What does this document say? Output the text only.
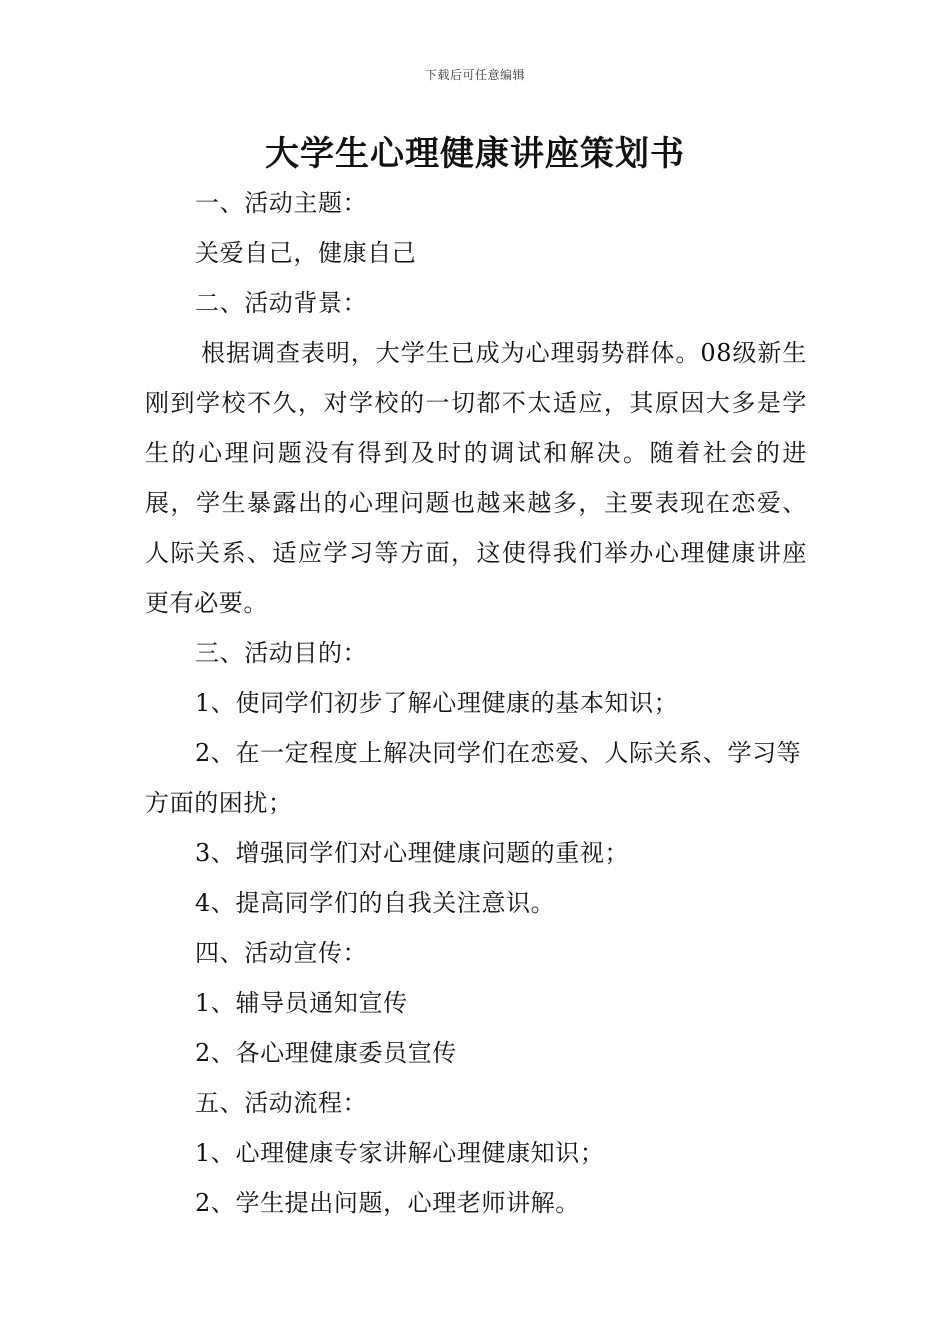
下载后可任意编辑
大学生心理健康讲座策划书

一、活动主题：

关爱自己，健康自己

二、活动背景：

根据调查表明，大学生已成为心理弱势群体。08级新生刚到学校不久，对学校的一切都不太适应，其原因大多是学生的心理问题没有得到及时的调试和解决。随着社会的进展，学生暴露出的心理问题也越来越多，主要表现在恋爱、人际关系、适应学习等方面，这使得我们举办心理健康讲座更有必要。

三、活动目的：

1、使同学们初步了解心理健康的基本知识；

2、在一定程度上解决同学们在恋爱、人际关系、学习等方面的困扰；

3、增强同学们对心理健康问题的重视；

4、提高同学们的自我关注意识。

四、活动宣传：

1、辅导员通知宣传

2、各心理健康委员宣传

五、活动流程：

1、心理健康专家讲解心理健康知识；

2、学生提出问题，心理老师讲解。
